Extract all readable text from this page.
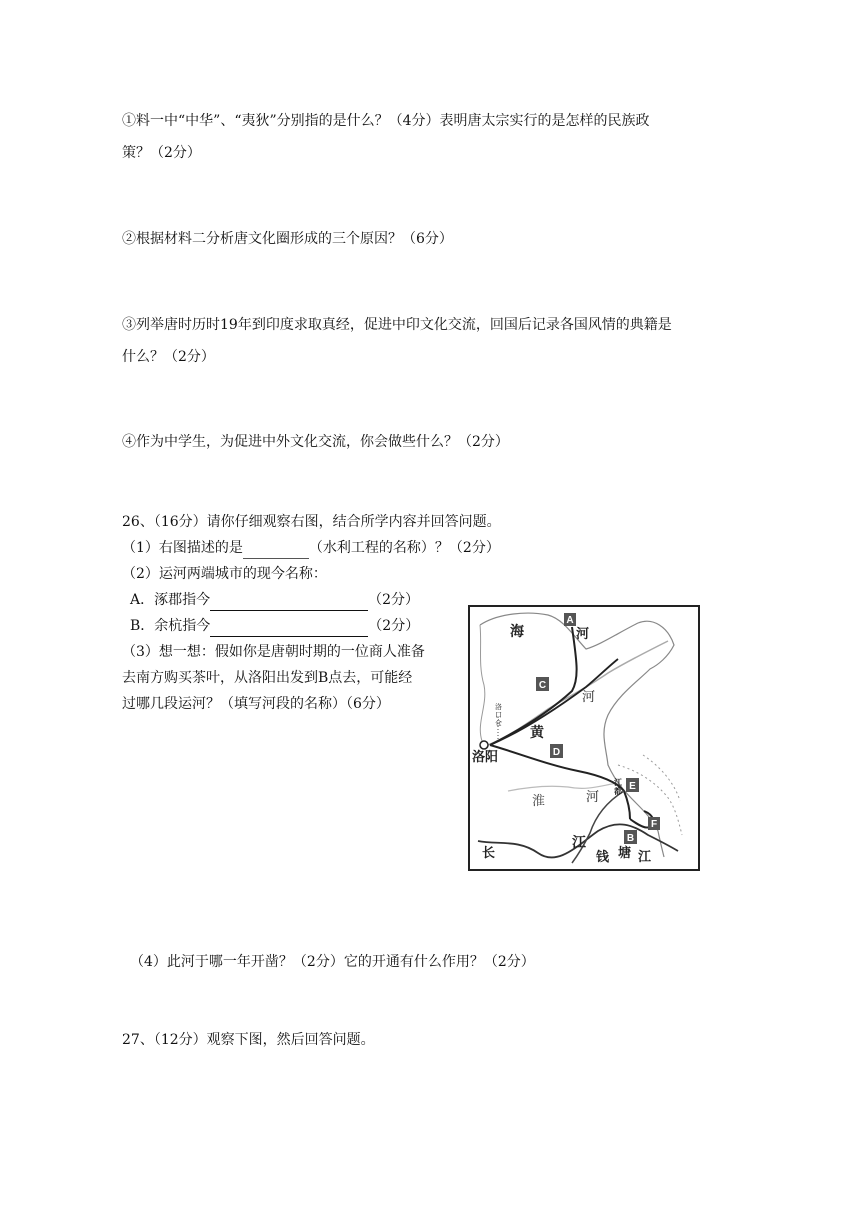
①料一中“中华”、“夷狄”分别指的是什么？（4分）表明唐太宗实行的是怎样的民族政
策？（2分）
②根据材料二分析唐文化圈形成的三个原因？（6分）
③列举唐时历时19年到印度求取真经，促进中印文化交流，回国后记录各国风情的典籍是
什么？（2分）
④作为中学生，为促进中外文化交流，你会做些什么？（2分）
26、（16分）请你仔细观察右图，结合所学内容并回答问题。
（1）右图描述的是	（水利工程的名称）？（2分）
（2）运河两端城市的现今名称：
A．涿郡指今	（2分）
B．余杭指今	（2分）
（3）想一想：假如你是唐朝时期的一位商人准备
去南方购买茶叶，从洛阳出发到B点去，可能经
过哪几段运河？（填写河段的名称）（6分）
A
C
D
E
B
F
海	河
河
黄
洛阳
淮	河
长
江
钱 塘 江
洛口仓
江都
（4）此河于哪一年开凿？（2分）它的开通有什么作用？（2分）
27、（12分）观察下图，然后回答问题。
